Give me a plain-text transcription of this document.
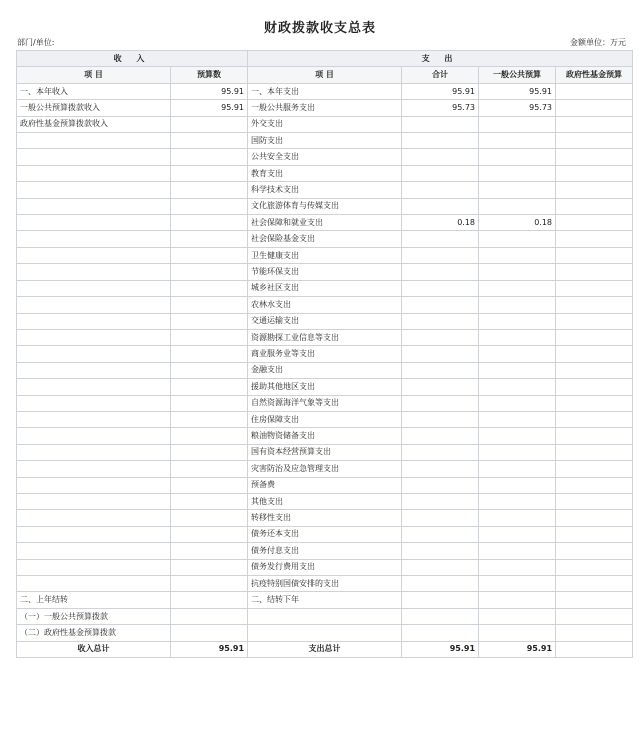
财政拨款收支总表
部门/单位:	金额单位：万元
收 入		支 出			
项 目	预算数	项 目	合计	一般公共预算	政府性基金预算
一、本年收入	95.91	一、本年支出	95.91	95.91	
一般公共预算拨款收入	95.91	一般公共服务支出	95.73	95.73	
政府性基金预算拨款收入		外交支出			
		国防支出			
		公共安全支出			
		教育支出			
		科学技术支出			
		文化旅游体育与传媒支出			
		社会保障和就业支出	0.18	0.18	
		社会保险基金支出			
		卫生健康支出			
		节能环保支出			
		城乡社区支出			
		农林水支出			
		交通运输支出			
		资源勘探工业信息等支出			
		商业服务业等支出			
		金融支出			
		援助其他地区支出			
		自然资源海洋气象等支出			
		住房保障支出			
		粮油物资储备支出			
		国有资本经营预算支出			
		灾害防治及应急管理支出			
		预备费			
		其他支出			
		转移性支出			
		债务还本支出			
		债务付息支出			
		债务发行费用支出			
		抗疫特别国债安排的支出			
二、上年结转		二、结转下年			
（一）一般公共预算拨款					
（二）政府性基金预算拨款					
收入总计	95.91	支出总计	95.91	95.91	
